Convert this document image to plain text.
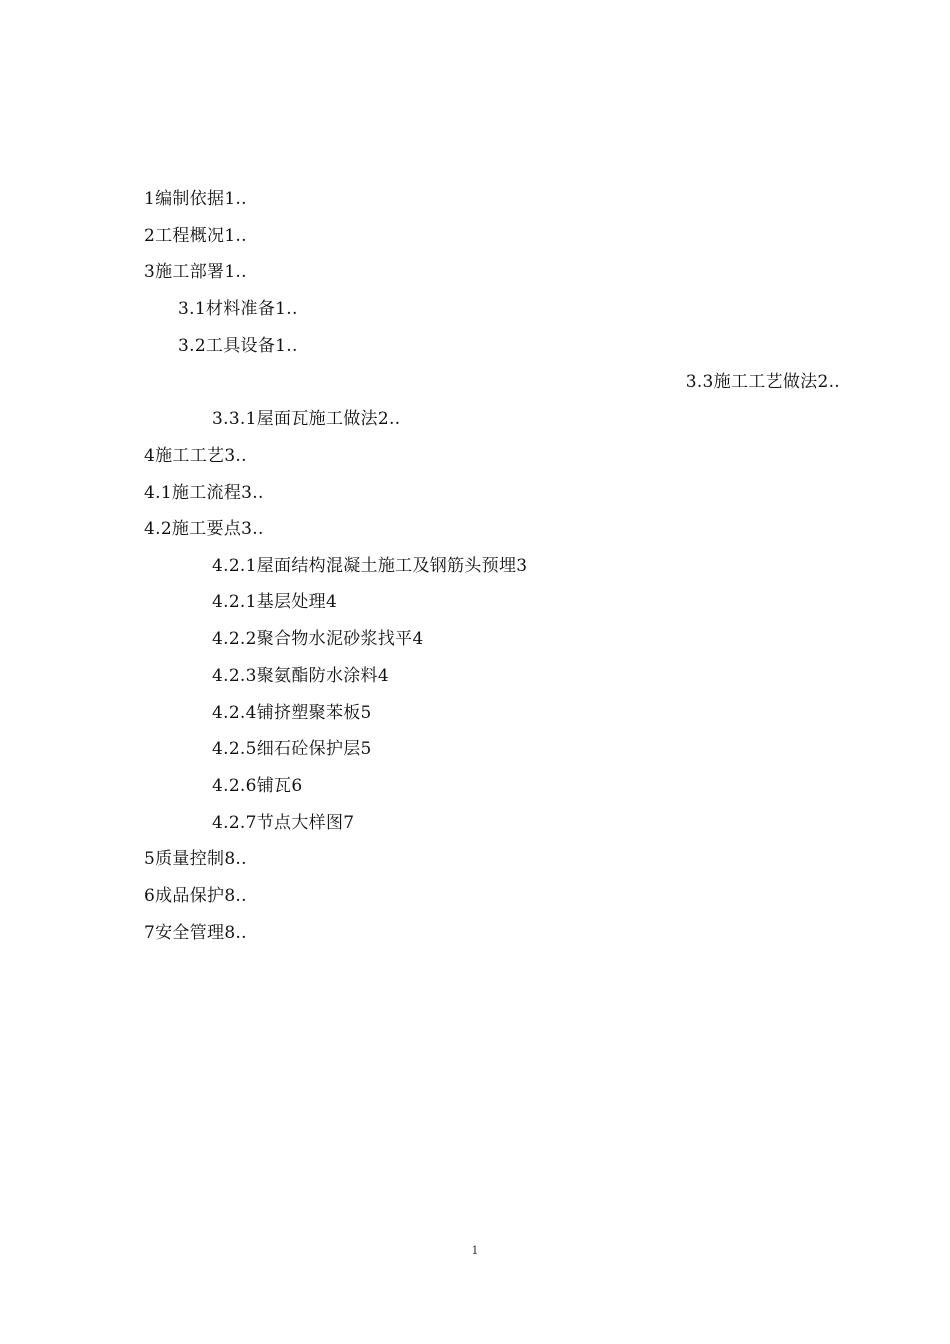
1编制依据1..
2工程概况1..
3施工部署1..
3.1材料准备1..
3.2工具设备1..
3.3施工工艺做法2..
3.3.1屋面瓦施工做法2..
4施工工艺3..
4.1施工流程3..
4.2施工要点3..
4.2.1屋面结构混凝土施工及钢筋头预埋3
4.2.1基层处理4
4.2.2聚合物水泥砂浆找平4
4.2.3聚氨酯防水涂料4
4.2.4铺挤塑聚苯板5
4.2.5细石砼保护层5
4.2.6铺瓦6
4.2.7节点大样图7
5质量控制8..
6成品保护8..
7安全管理8..
1
